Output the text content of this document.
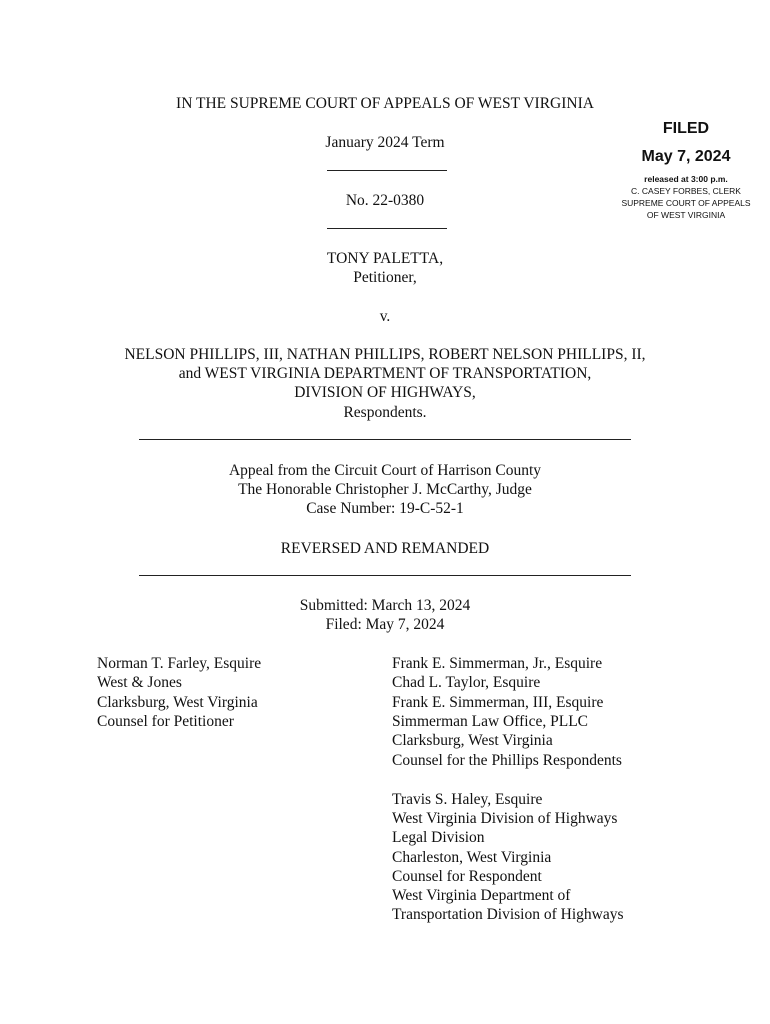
IN THE SUPREME COURT OF APPEALS OF WEST VIRGINIA
January 2024 Term
No. 22-0380
FILED
May 7, 2024
released at 3:00 p.m.
C. CASEY FORBES, CLERK
SUPREME COURT OF APPEALS
OF WEST VIRGINIA
TONY PALETTA,
Petitioner,
v.
NELSON PHILLIPS, III, NATHAN PHILLIPS, ROBERT NELSON PHILLIPS, II,
and WEST VIRGINIA DEPARTMENT OF TRANSPORTATION,
DIVISION OF HIGHWAYS,
Respondents.
Appeal from the Circuit Court of Harrison County
The Honorable Christopher J. McCarthy, Judge
Case Number: 19-C-52-1
REVERSED AND REMANDED
Submitted: March 13, 2024
Filed: May 7, 2024
Norman T. Farley, Esquire
West & Jones
Clarksburg, West Virginia
Counsel for Petitioner
Frank E. Simmerman, Jr., Esquire
Chad L. Taylor, Esquire
Frank E. Simmerman, III, Esquire
Simmerman Law Office, PLLC
Clarksburg, West Virginia
Counsel for the Phillips Respondents
Travis S. Haley, Esquire
West Virginia Division of Highways
Legal Division
Charleston, West Virginia
Counsel for Respondent
West Virginia Department of
Transportation Division of Highways
